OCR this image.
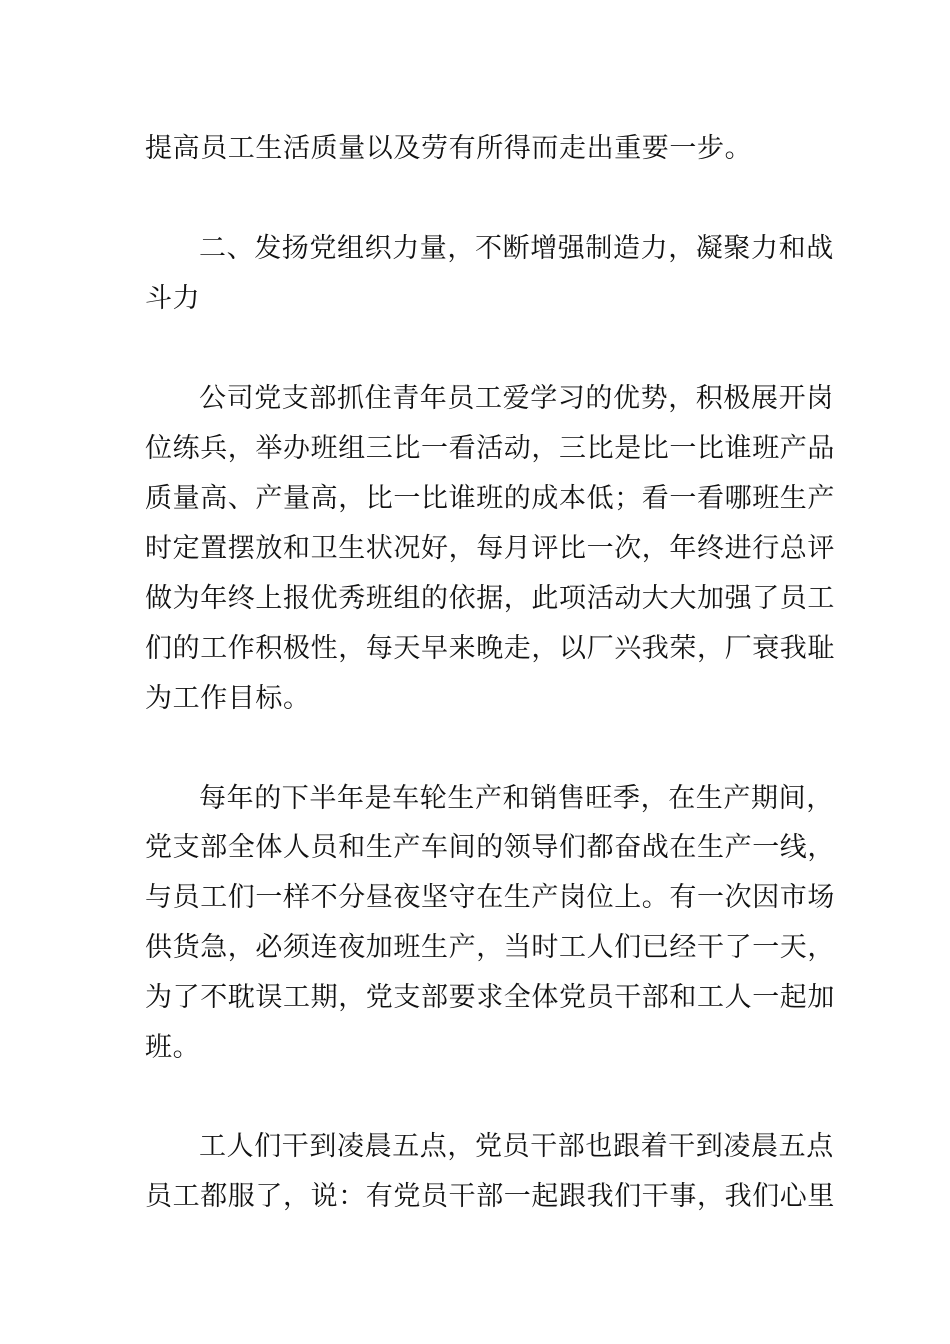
提高员工生活质量以及劳有所得而走出重要一步。

二、发扬党组织力量，不断增强制造力，凝聚力和战

斗力

公司党支部抓住青年员工爱学习的优势，积极展开岗

位练兵，举办班组三比一看活动，三比是比一比谁班产品

质量高、产量高，比一比谁班的成本低；看一看哪班生产

时定置摆放和卫生状况好，每月评比一次，年终进行总评

做为年终上报优秀班组的依据，此项活动大大加强了员工

们的工作积极性，每天早来晚走，以厂兴我荣，厂衰我耻

为工作目标。

每年的下半年是车轮生产和销售旺季，在生产期间，

党支部全体人员和生产车间的领导们都奋战在生产一线，

与员工们一样不分昼夜坚守在生产岗位上。有一次因市场

供货急，必须连夜加班生产，当时工人们已经干了一天，

为了不耽误工期，党支部要求全体党员干部和工人一起加

班。

工人们干到凌晨五点，党员干部也跟着干到凌晨五点

员工都服了，说：有党员干部一起跟我们干事，我们心里
